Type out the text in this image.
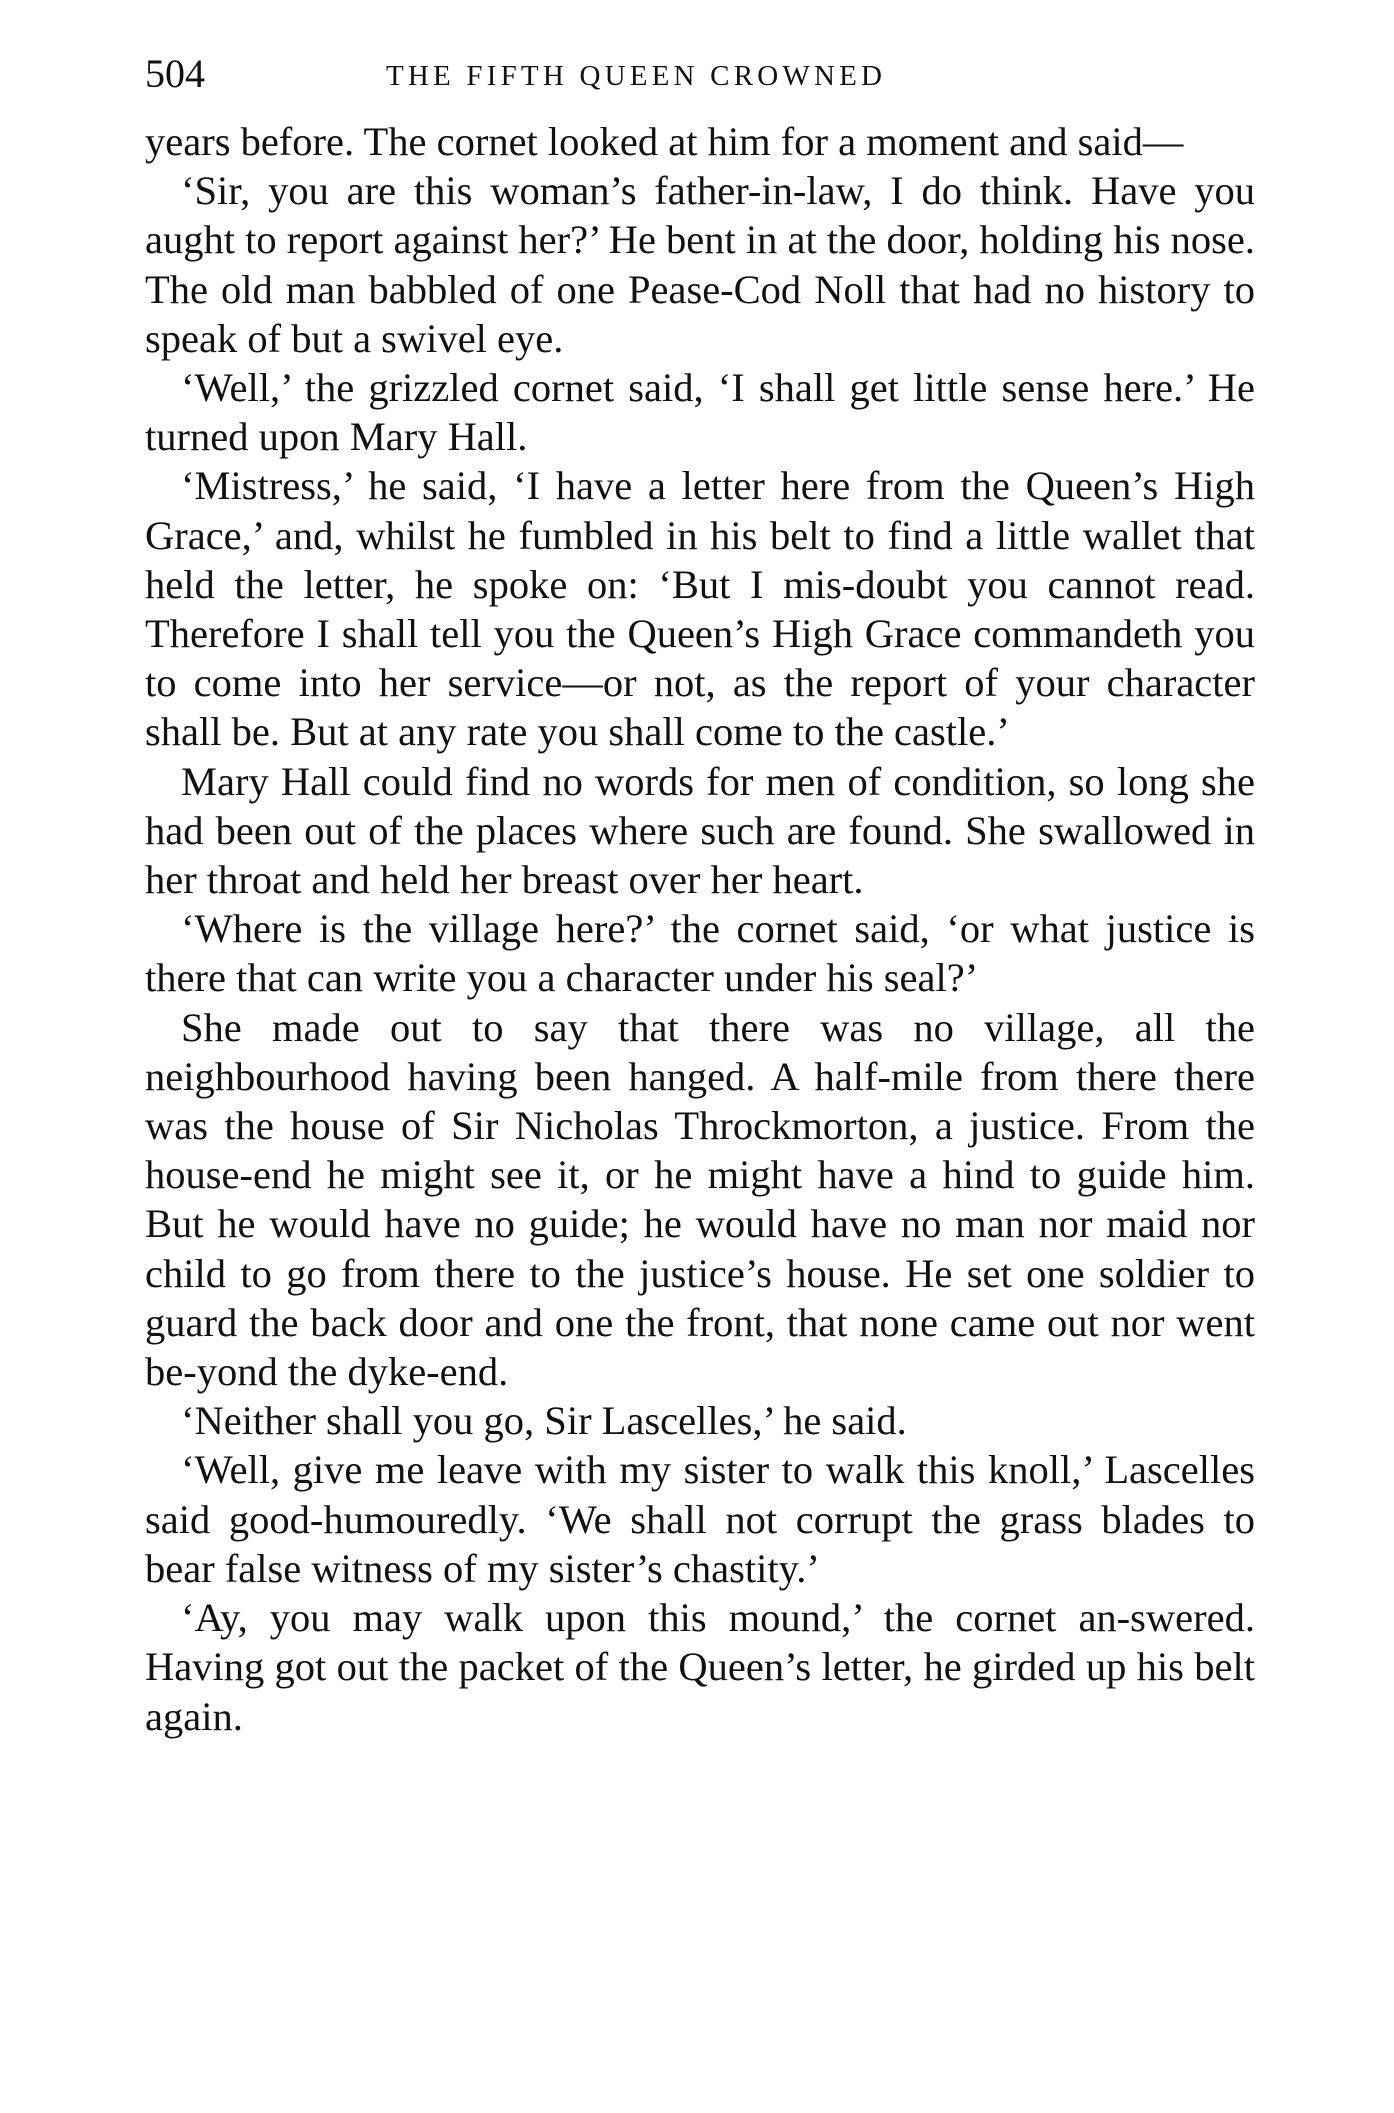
504	THE FIFTH QUEEN CROWNED

years before. The cornet looked at him for a moment and said—

‘Sir, you are this woman’s father-in-law, I do think. Have you aught to report against her?’ He bent in at the door, holding his nose. The old man babbled of one Pease-Cod Noll that had no history to speak of but a swivel eye.

‘Well,’ the grizzled cornet said, ‘I shall get little sense here.’ He turned upon Mary Hall.

‘Mistress,’ he said, ‘I have a letter here from the Queen’s High Grace,’ and, whilst he fumbled in his belt to find a little wallet that held the letter, he spoke on: ‘But I mis-doubt you cannot read. Therefore I shall tell you the Queen’s High Grace commandeth you to come into her service—or not, as the report of your character shall be. But at any rate you shall come to the castle.’

Mary Hall could find no words for men of condition, so long she had been out of the places where such are found. She swallowed in her throat and held her breast over her heart.

‘Where is the village here?’ the cornet said, ‘or what justice is there that can write you a character under his seal?’

She made out to say that there was no village, all the neighbourhood having been hanged. A half-mile from there there was the house of Sir Nicholas Throckmorton, a justice. From the house-end he might see it, or he might have a hind to guide him. But he would have no guide; he would have no man nor maid nor child to go from there to the justice’s house. He set one soldier to guard the back door and one the front, that none came out nor went be-yond the dyke-end.

‘Neither shall you go, Sir Lascelles,’ he said.

‘Well, give me leave with my sister to walk this knoll,’ Lascelles said good-humouredly. ‘We shall not corrupt the grass blades to bear false witness of my sister’s chastity.’

‘Ay, you may walk upon this mound,’ the cornet an-swered. Having got out the packet of the Queen’s letter, he girded up his belt again.
